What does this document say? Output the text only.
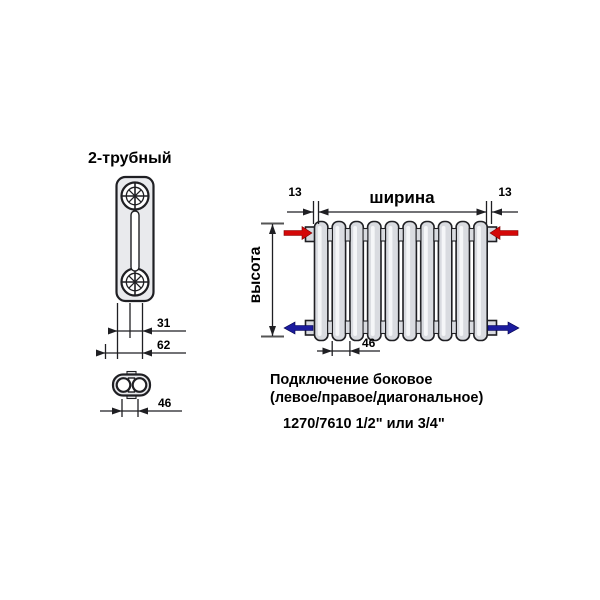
2-трубный
31
62
46
ширина
13	13
высота
46
Подключение боковое
(левое/правое/диагональное)
1270/7610 1/2" или 3/4"
